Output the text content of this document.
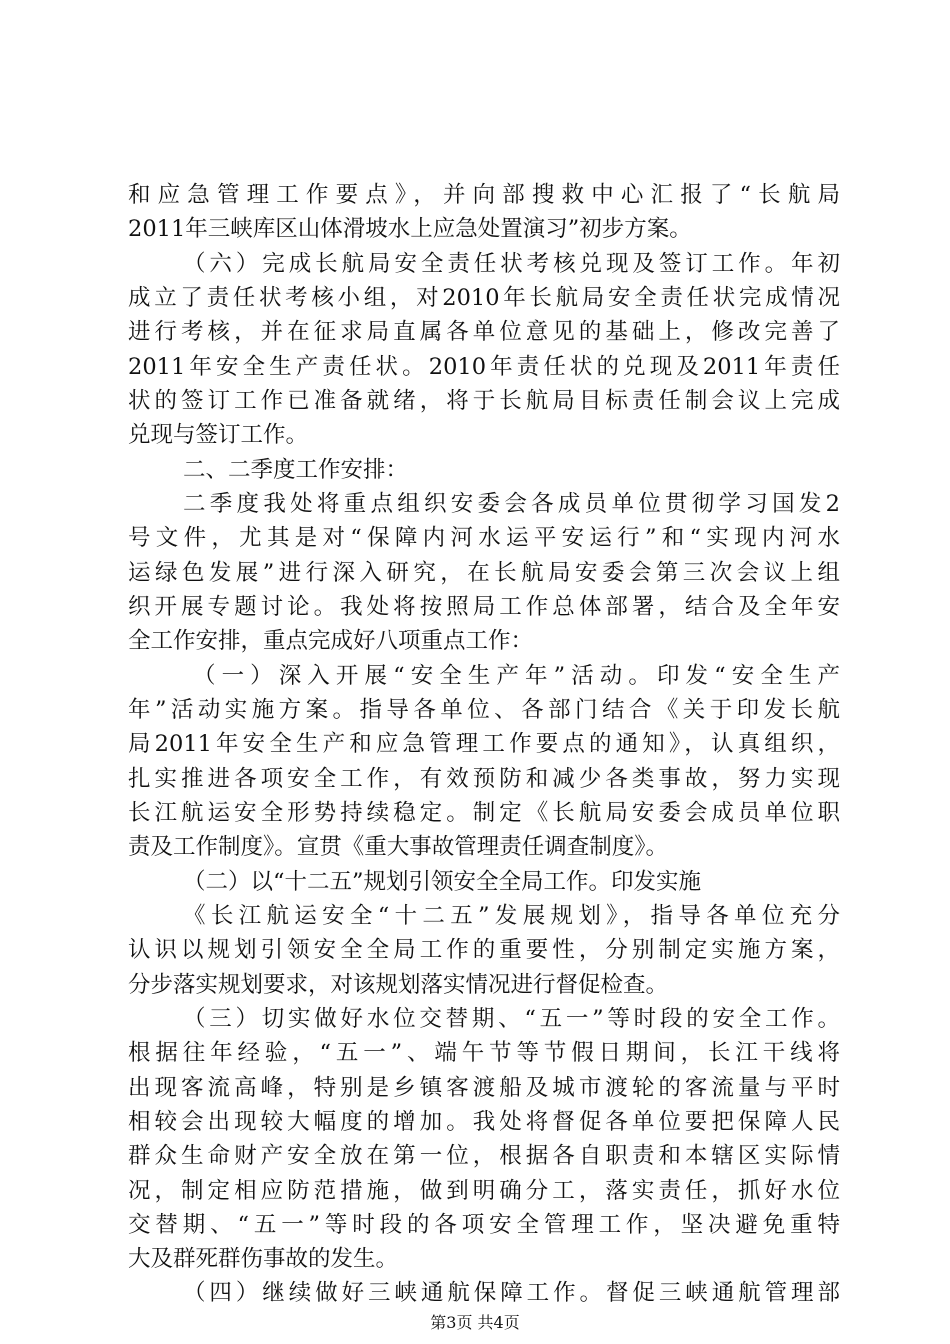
和应急管理工作要点》，并向部搜救中心汇报了“长航局
2011年三峡库区山体滑坡水上应急处置演习”初步方案。
（六）完成长航局安全责任状考核兑现及签订工作。年初
成立了责任状考核小组，对2010年长航局安全责任状完成情况
进行考核，并在征求局直属各单位意见的基础上，修改完善了
2011年安全生产责任状。2010年责任状的兑现及2011年责任
状的签订工作已准备就绪，将于长航局目标责任制会议上完成
兑现与签订工作。
二、二季度工作安排：
二季度我处将重点组织安委会各成员单位贯彻学习国发2
号文件，尤其是对“保障内河水运平安运行”和“实现内河水
运绿色发展”进行深入研究，在长航局安委会第三次会议上组
织开展专题讨论。我处将按照局工作总体部署，结合及全年安
全工作安排，重点完成好八项重点工作：
（一）深入开展“安全生产年”活动。印发“安全生产
年”活动实施方案。指导各单位、各部门结合《关于印发长航
局2011年安全生产和应急管理工作要点的通知》，认真组织，
扎实推进各项安全工作，有效预防和减少各类事故，努力实现
长江航运安全形势持续稳定。制定《长航局安委会成员单位职
责及工作制度》。宣贯《重大事故管理责任调查制度》。
（二）以“十二五”规划引领安全全局工作。印发实施
《长江航运安全“十二五”发展规划》，指导各单位充分
认识以规划引领安全全局工作的重要性，分别制定实施方案，
分步落实规划要求，对该规划落实情况进行督促检查。
（三）切实做好水位交替期、“五一”等时段的安全工作。
根据往年经验，“五一”、端午节等节假日期间，长江干线将
出现客流高峰，特别是乡镇客渡船及城市渡轮的客流量与平时
相较会出现较大幅度的增加。我处将督促各单位要把保障人民
群众生命财产安全放在第一位，根据各自职责和本辖区实际情
况，制定相应防范措施，做到明确分工，落实责任，抓好水位
交替期、“五一”等时段的各项安全管理工作，坚决避免重特
大及群死群伤事故的发生。
（四）继续做好三峡通航保障工作。督促三峡通航管理部
第3页 共4页
